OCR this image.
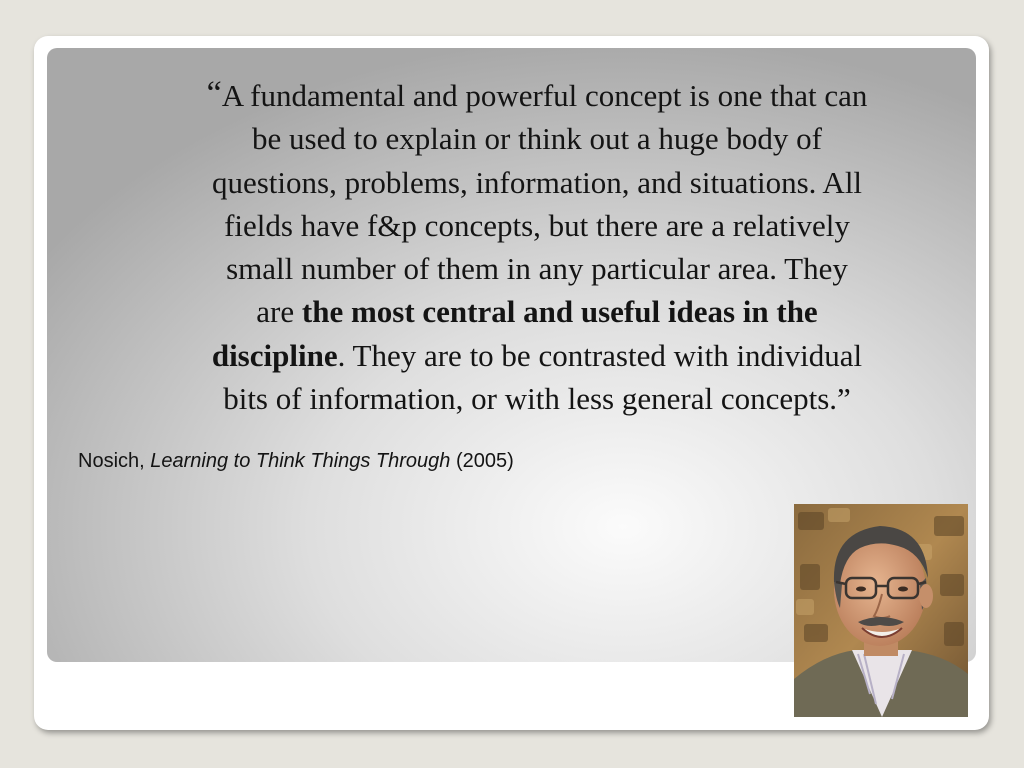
“A fundamental and powerful concept is one that can
be used to explain or think out a huge body of
questions, problems, information, and situations. All
fields have f&p concepts, but there are a relatively
small number of them in any particular area. They
are the most central and useful ideas in the
discipline. They are to be contrasted with individual
bits of information, or with less general concepts.”
Nosich, Learning to Think Things Through (2005)
